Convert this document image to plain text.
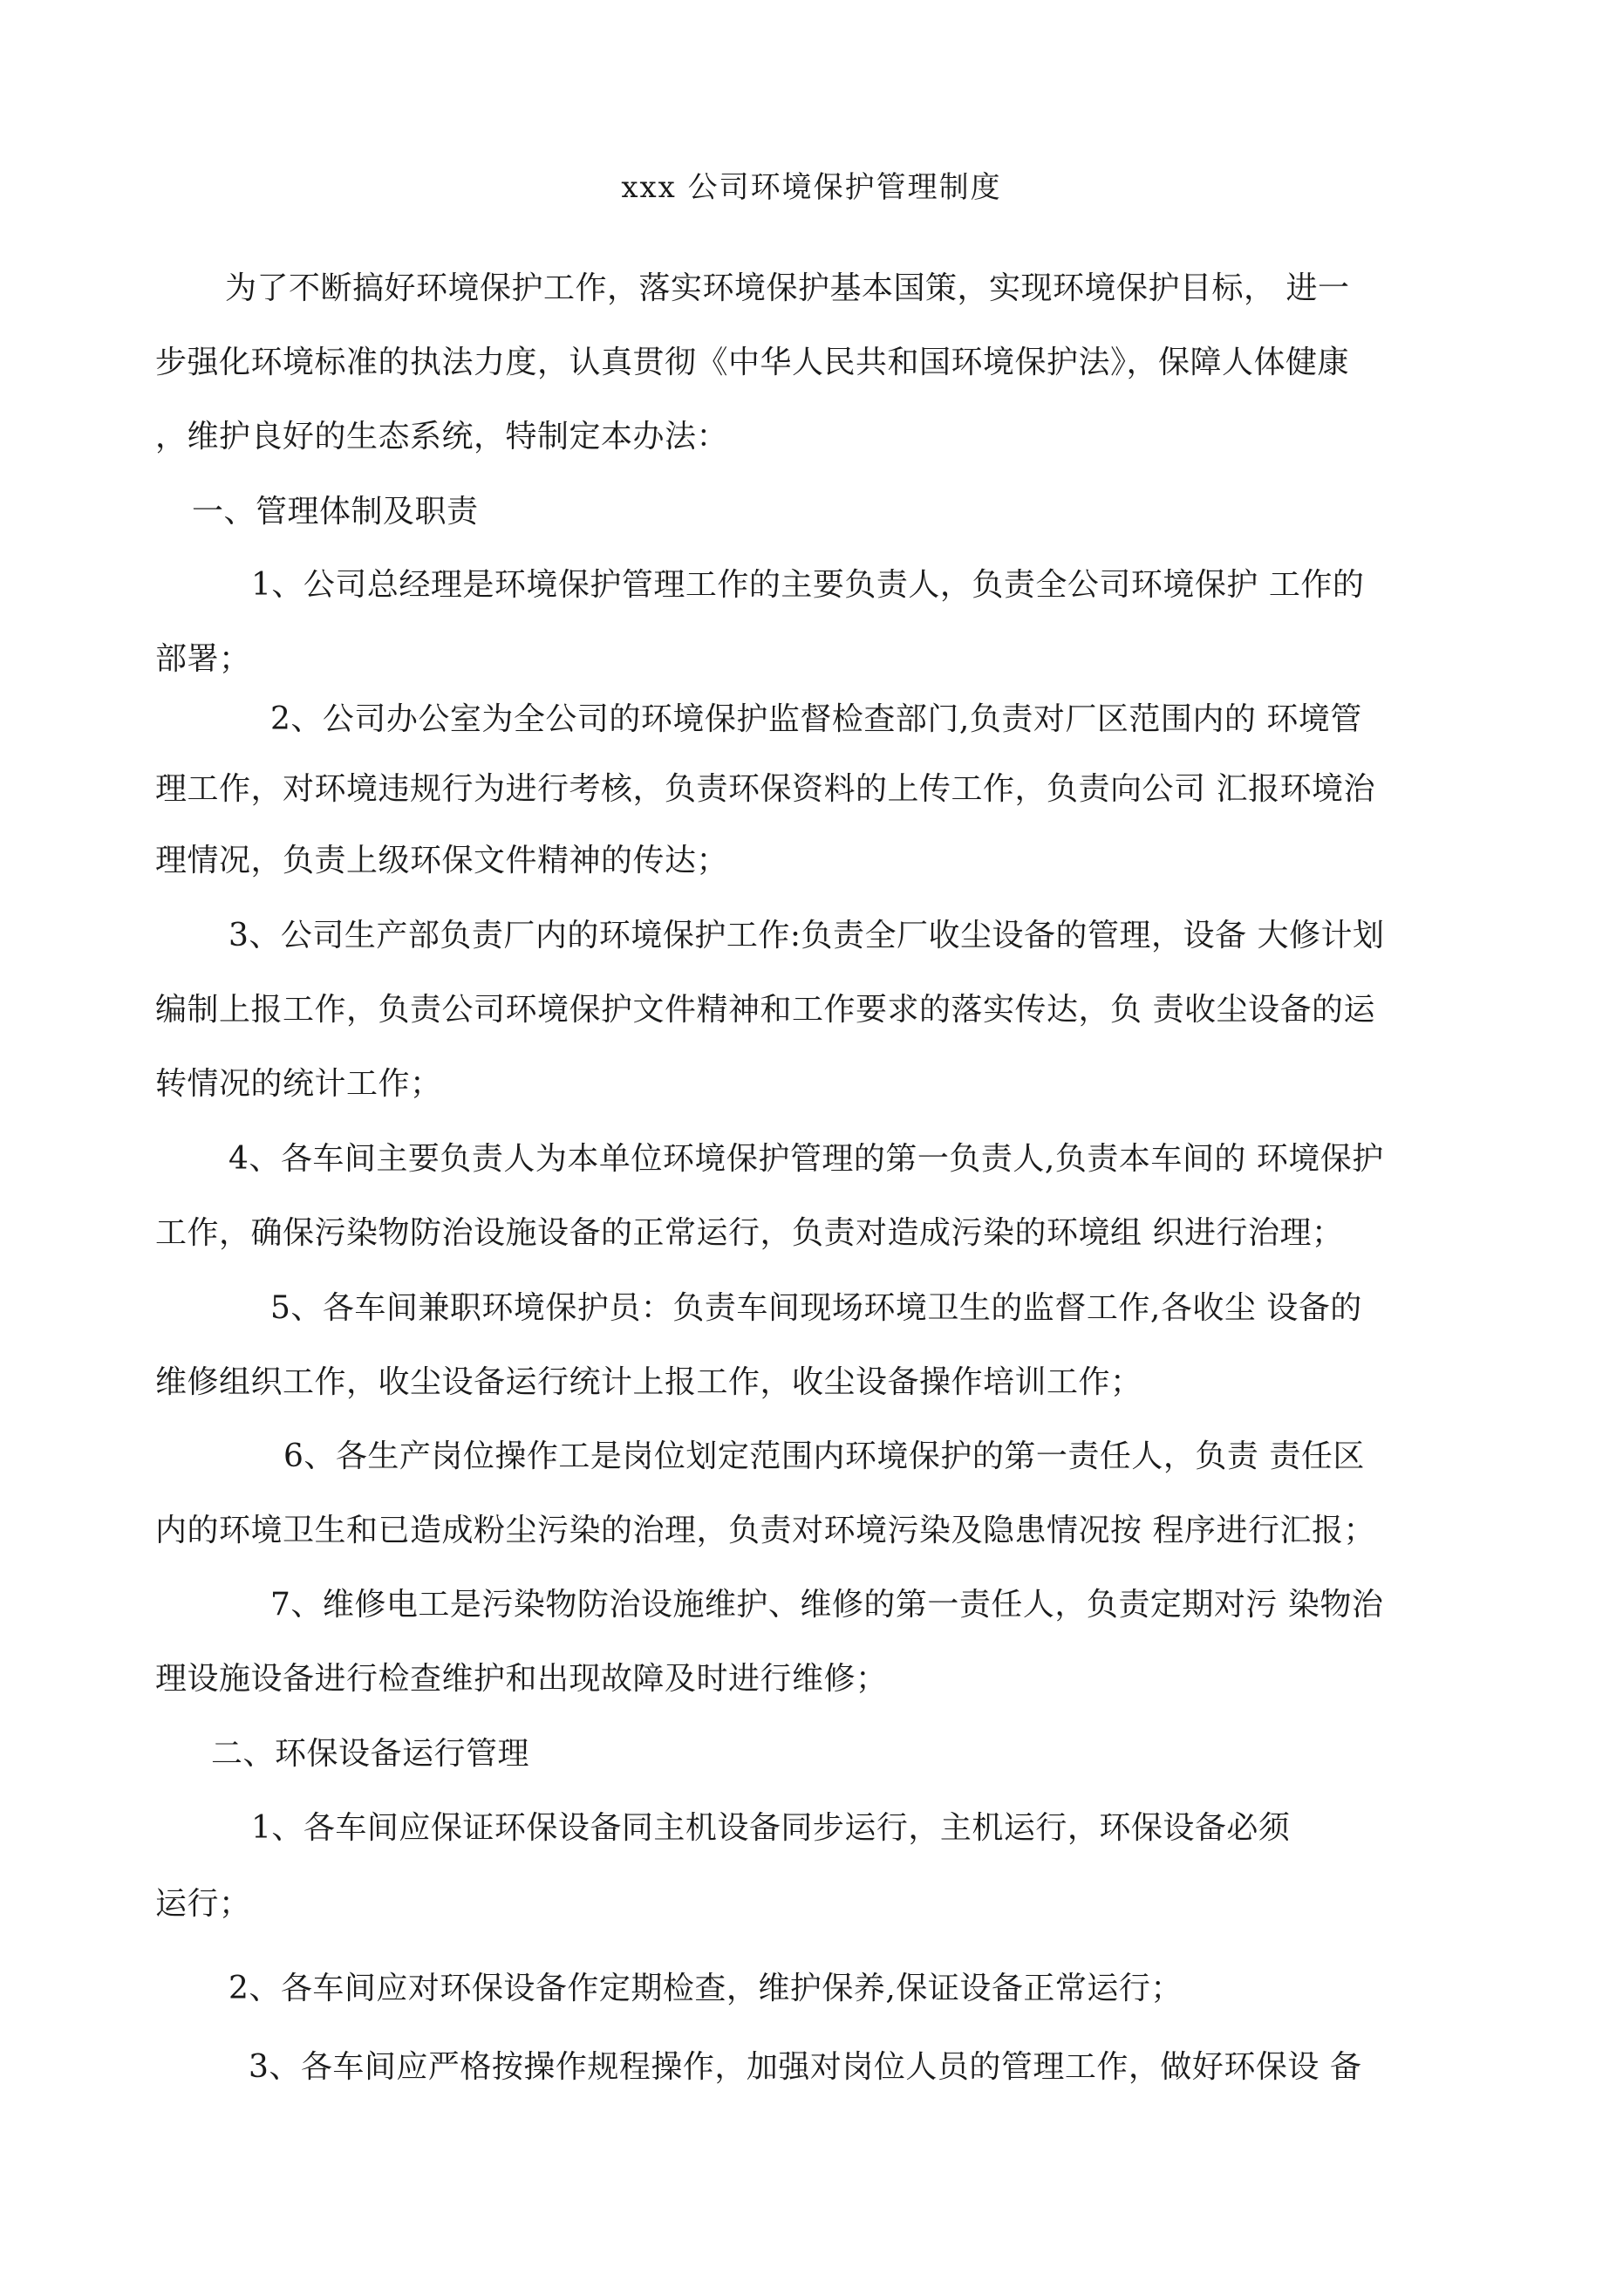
xxx 公司环境保护管理制度
为了不断搞好环境保护工作，落实环境保护基本国策，实现环境保护目标， 进一
步强化环境标准的执法力度，认真贯彻《中华人民共和国环境保护法》，保障人体健康
，维护良好的生态系统，特制定本办法：
一、管理体制及职责
1、公司总经理是环境保护管理工作的主要负责人，负责全公司环境保护 工作的
部署；
2、公司办公室为全公司的环境保护监督检查部门,负责对厂区范围内的 环境管
理工作，对环境违规行为进行考核，负责环保资料的上传工作，负责向公司 汇报环境治
理情况，负责上级环保文件精神的传达；
3、公司生产部负责厂内的环境保护工作:负责全厂收尘设备的管理，设备 大修计划
编制上报工作，负责公司环境保护文件精神和工作要求的落实传达，负 责收尘设备的运
转情况的统计工作；
4、各车间主要负责人为本单位环境保护管理的第一负责人,负责本车间的 环境保护
工作，确保污染物防治设施设备的正常运行，负责对造成污染的环境组 织进行治理；
5、各车间兼职环境保护员：负责车间现场环境卫生的监督工作,各收尘 设备的
维修组织工作，收尘设备运行统计上报工作，收尘设备操作培训工作；
6、各生产岗位操作工是岗位划定范围内环境保护的第一责任人，负责 责任区
内的环境卫生和已造成粉尘污染的治理，负责对环境污染及隐患情况按 程序进行汇报；
7、维修电工是污染物防治设施维护、维修的第一责任人，负责定期对污 染物治
理设施设备进行检查维护和出现故障及时进行维修；
二、环保设备运行管理
1、各车间应保证环保设备同主机设备同步运行，主机运行，环保设备必须
运行；
2、各车间应对环保设备作定期检查，维护保养,保证设备正常运行；
3、各车间应严格按操作规程操作，加强对岗位人员的管理工作，做好环保设 备
